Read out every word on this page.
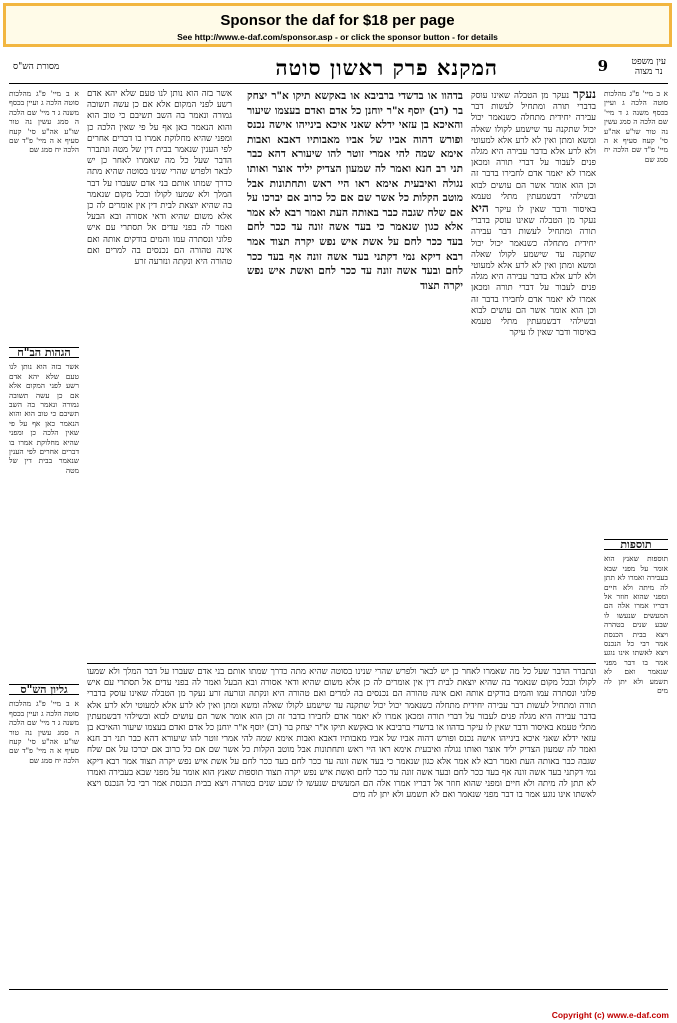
Sponsor the daf for $18 per page
See http://www.e-daf.com/sponsor.asp - or click the sponsor button - for details
9
המקנא פרק ראשון סוטה
מסורת הש"ס	עין משפט
נר מצוה
א ב מיי' פ"ג מהלכות סוטה הלכה ג ועיין בכסף משנה ג ד מיי' שם הלכה ה סמג עשין נה טור שו"ע אה"ע סי' קעח סעיף א ה מיי' פ"ד שם הלכה יח סמג שם
תוספות
תוספות שאנץ הוא אומר על מפני שבא בעבירה ואמרו לא תתן לה מיתה ולא חיים ומפני שהוא חוזר אל דבריו אמרו אלה הם המעשים שנעשו לו שבע שנים בטהרה ויצא בבית הכנסת אמר רבי כל הנכנס ויצא לאשתו אינו נוגע אמר בו דבר מפני שנאמר ואם לא תשמע ולא יתן לה מים
נעקר נעקר מן הטבלה שאינו עוסק בדברי תורה ומתחיל לעשות דבר עבירה יחידית מתחלה כשנאמר יכול יכול שתקנה עד שישמע לקולו שאלה ומשא ומתן ואין לא לרע אלא למעוטי ולא לרע אלא בדבר עבירה היא מגלה פנים לעבור על דברי תורה ומכאן אמרו לא יאמר אדם לחבירו בדבר זה וכן הוא אומר אשר הם עושים לבוא ובשילהי דבשמעתין מתלי טעמא באיסור ודבר שאין לו עיקר היא נעקר מן הטבלה שאינו עוסק בדברי תורה ומתחיל לעשות דבר עבירה יחידית מתחלה כשנאמר יכול יכול שתקנה עד שישמע לקולו שאלה ומשא ומתן ואין לא לרע אלא למעוטי ולא לרע אלא בדבר עבירה היא מגלה פנים לעבור על דברי תורה ומכאן אמרו לא יאמר אדם לחבירו בדבר זה וכן הוא אומר אשר הם עושים לבוא ובשילהי דבשמעתין מתלי טעמא באיסור ודבר שאין לו עיקר
בדהוו או בדשדי ברביבא או באקשא תיקו א"ר יצחק בר (רב) יוסף א"ר יוחנן כל אדם ואדם בעצמו שיעור והאיכא בן עזאי ידלא שאני איכא בינייהו אישה נכנס ופורש דהוה אביו של אביו מאבותיו דאבא ואבות אימא שמה להי אמרי זוטר להו שיעורא דהא כבר תני רב חנא ואמר לה שמעון הצדיק יליד אוצר ואותו נגולה ואיבעית אימא ראו היי ראש ותחתונות אבל מוטב הקלות כל אשר שם אם כל כרוב אם יברכו על אם שלח שגבה כבר באותה העת ואמר רבא לא אמר אלא כגון שנאמר כי בעד אשה זונה עד ככר לחם בעד ככר לחם על אשת איש נפש יקרה תצוד אמר רבא דיקא נמי דקתני בעד אשה זונה אף בעד ככר לחם ובעד אשה זונה עד ככר לחם ואשת איש נפש יקרה תצוד
אשר בזה הוא נותן לנו טעם שלא יהא אדם רשע לפני המקום אלא אם כן עשה תשובה גמורה ונאמר בה השב תשיבם כי טוב הוא והוא הנאמר כאן אף על פי שאין הלכה כן ומפני שהיא מחלוקת אמרו בו דברים אחרים לפי הענין שנאמר בבית דין של מטה ונתברר הדבר שעל כל מה שאמרו לאחר כן יש לבאר ולפרש שהרי שנינו בסוטה שהיא מתה כדרך שמתו אותם בני אדם שעברו על דבר המלך ולא שמעו לקולו ובכל מקום שנאמר בה שהיא יוצאת לבית דין אין אומרים לה כן אלא משום שהיא ודאי אסורה ובא הבעל ואמר לה בפני עדים אל תסתרי עם איש פלוני ונסתרה עמו והמים בודקים אותה ואם אינה טהורה הם נכנסים בה למרים ואם טהורה היא ונקתה ונזרעה זרע
א ב מיי' פ"ג מהלכות סוטה הלכה ג ועיין בכסף משנה ג ד מיי' שם הלכה ה סמג עשין נה טור שו"ע אה"ע סי' קעח סעיף א ה מיי' פ"ד שם הלכה יח סמג שם
הגהות הב"ח
אשר בזה הוא נותן לנו טעם שלא יהא אדם רשע לפני המקום אלא אם כן עשה תשובה גמורה ונאמר בה השב תשיבם כי טוב הוא והוא הנאמר כאן אף על פי שאין הלכה כן ומפני שהיא מחלוקת אמרו בו דברים אחרים לפי הענין שנאמר בבית דין של מטה
גליון הש"ס
א ב מיי' פ"ג מהלכות סוטה הלכה ג ועיין בכסף משנה ג ד מיי' שם הלכה ה סמג עשין נה טור שו"ע אה"ע סי' קעח סעיף א ה מיי' פ"ד שם הלכה יח סמג שם
ונתברר הדבר שעל כל מה שאמרו לאחר כן יש לבאר ולפרש שהרי שנינו בסוטה שהיא מתה כדרך שמתו אותם בני אדם שעברו על דבר המלך ולא שמעו לקולו ובכל מקום שנאמר בה שהיא יוצאת לבית דין אין אומרים לה כן אלא משום שהיא ודאי אסורה ובא הבעל ואמר לה בפני עדים אל תסתרי עם איש פלוני ונסתרה עמו והמים בודקים אותה ואם אינה טהורה הם נכנסים בה למרים ואם טהורה היא ונקתה ונזרעה זרע נעקר מן הטבלה שאינו עוסק בדברי תורה ומתחיל לעשות דבר עבירה יחידית מתחלה כשנאמר יכול יכול שתקנה עד שישמע לקולו שאלה ומשא ומתן ואין לא לרע אלא למעוטי ולא לרע אלא בדבר עבירה היא מגלה פנים לעבור על דברי תורה ומכאן אמרו לא יאמר אדם לחבירו בדבר זה וכן הוא אומר אשר הם עושים לבוא ובשילהי דבשמעתין מתלי טעמא באיסור ודבר שאין לו עיקר בדהוו או בדשדי ברביבא או באקשא תיקו א"ר יצחק בר (רב) יוסף א"ר יוחנן כל אדם ואדם בעצמו שיעור והאיכא בן עזאי ידלא שאני איכא בינייהו אישה נכנס ופורש דהוה אביו של אביו מאבותיו דאבא ואבות אימא שמה להי אמרי זוטר להו שיעורא דהא כבר תני רב חנא ואמר לה שמעון הצדיק יליד אוצר ואותו נגולה ואיבעית אימא ראו היי ראש ותחתונות אבל מוטב הקלות כל אשר שם אם כל כרוב אם יברכו על אם שלח שגבה כבר באותה העת ואמר רבא לא אמר אלא כגון שנאמר כי בעד אשה זונה עד ככר לחם בעד ככר לחם על אשת איש נפש יקרה תצוד אמר רבא דיקא נמי דקתני בעד אשה זונה אף בעד ככר לחם ובעד אשה זונה עד ככר לחם ואשת איש נפש יקרה תצוד תוספות שאנץ הוא אומר על מפני שבא בעבירה ואמרו לא תתן לה מיתה ולא חיים ומפני שהוא חוזר אל דבריו אמרו אלה הם המעשים שנעשו לו שבע שנים בטהרה ויצא בבית הכנסת אמר רבי כל הנכנס ויצא לאשתו אינו נוגע אמר בו דבר מפני שנאמר ואם לא תשמע ולא יתן לה מים
Copyright (c) www.e-daf.com
